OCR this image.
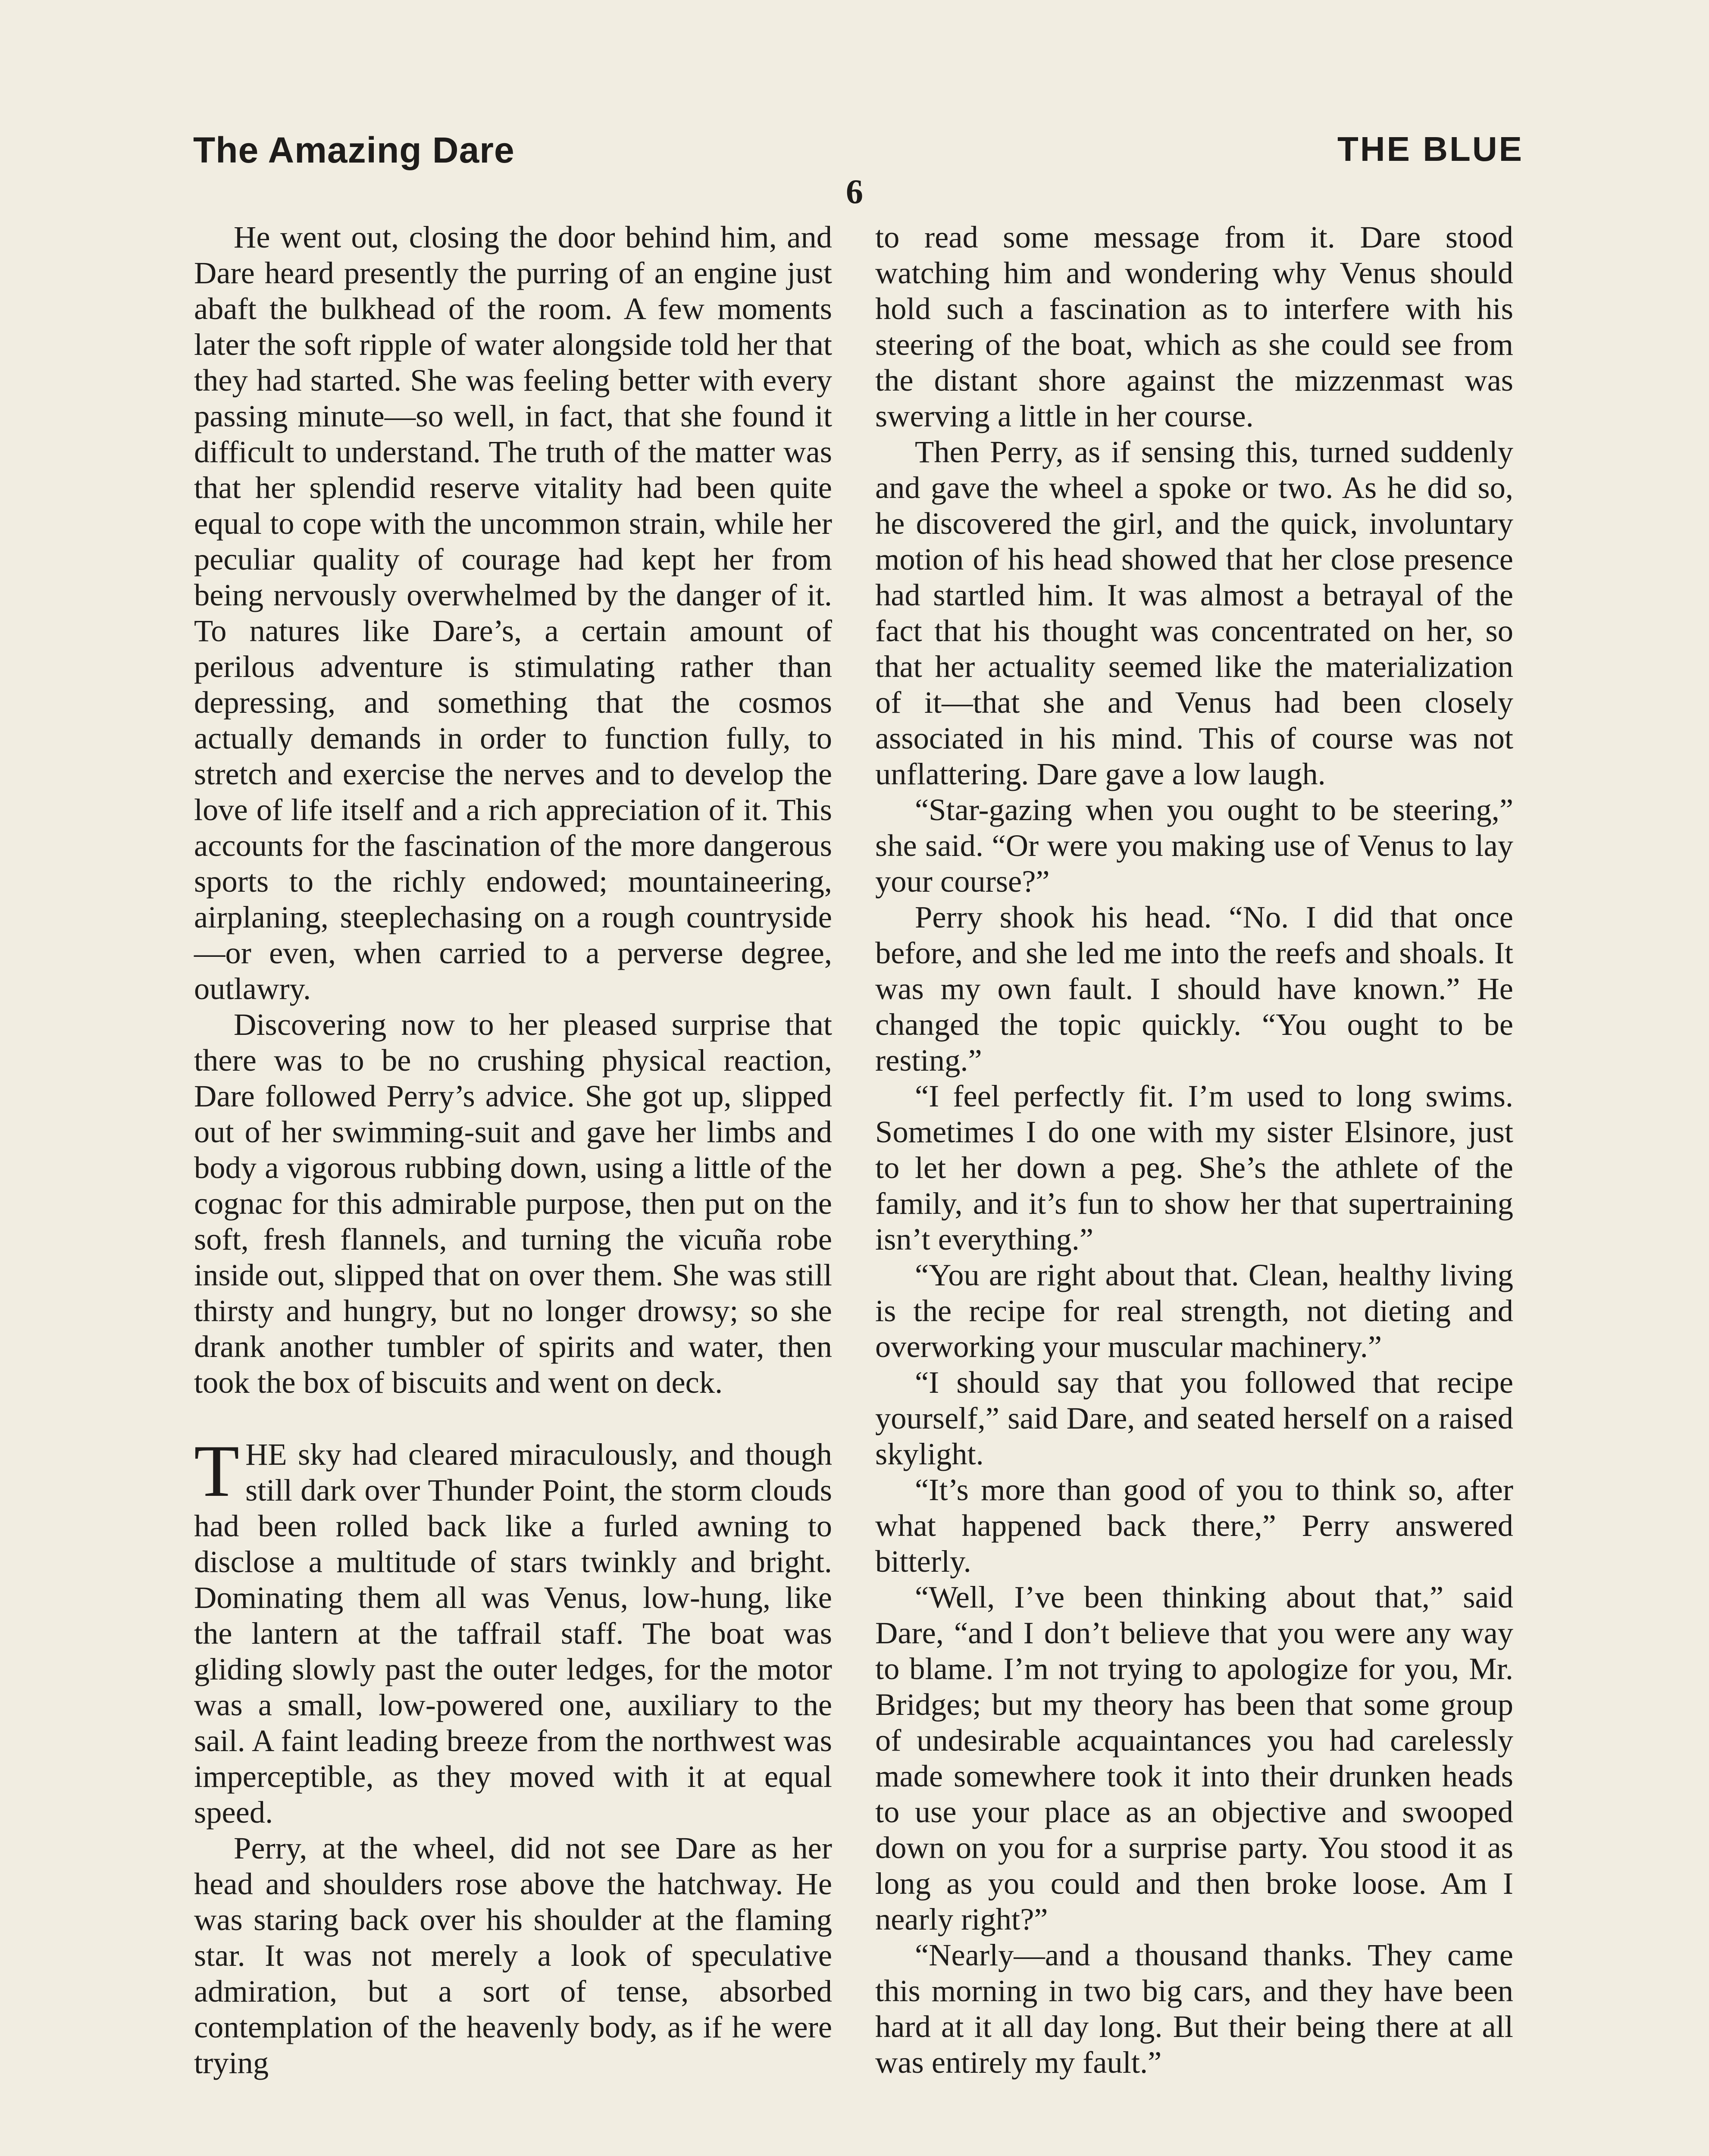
The Amazing Dare	THE BLUE
6

He went out, closing the door behind him, and Dare heard presently the purring of an engine just abaft the bulkhead of the room. A few moments later the soft ripple of water alongside told her that they had started. She was feeling better with every passing minute—so well, in fact, that she found it difficult to understand. The truth of the matter was that her splendid reserve vitality had been quite equal to cope with the uncommon strain, while her peculiar quality of courage had kept her from being nervously overwhelmed by the danger of it. To natures like Dare’s, a certain amount of perilous adventure is stimulating rather than depressing, and something that the cosmos actually demands in order to function fully, to stretch and exercise the nerves and to develop the love of life itself and a rich appreciation of it. This accounts for the fascination of the more dangerous sports to the richly endowed; mountaineering, airplaning, steeplechasing on a rough countryside—or even, when carried to a perverse degree, outlawry.

Discovering now to her pleased surprise that there was to be no crushing physical reaction, Dare followed Perry’s advice. She got up, slipped out of her swimming-suit and gave her limbs and body a vigorous rubbing down, using a little of the cognac for this admirable purpose, then put on the soft, fresh flannels, and turning the vicuña robe inside out, slipped that on over them. She was still thirsty and hungry, but no longer drowsy; so she drank another tumbler of spirits and water, then took the box of biscuits and went on deck.

THE sky had cleared miraculously, and though still dark over Thunder Point, the storm clouds had been rolled back like a furled awning to disclose a multitude of stars twinkly and bright. Dominating them all was Venus, low-hung, like the lantern at the taffrail staff. The boat was gliding slowly past the outer ledges, for the motor was a small, low-powered one, auxiliary to the sail. A faint leading breeze from the northwest was imperceptible, as they moved with it at equal speed.

Perry, at the wheel, did not see Dare as her head and shoulders rose above the hatchway. He was staring back over his shoulder at the flaming star. It was not merely a look of speculative admiration, but a sort of tense, absorbed contemplation of the heavenly body, as if he were trying

to read some message from it. Dare stood watching him and wondering why Venus should hold such a fascination as to interfere with his steering of the boat, which as she could see from the distant shore against the mizzenmast was swerving a little in her course.

Then Perry, as if sensing this, turned suddenly and gave the wheel a spoke or two. As he did so, he discovered the girl, and the quick, involuntary motion of his head showed that her close presence had startled him. It was almost a betrayal of the fact that his thought was concentrated on her, so that her actuality seemed like the materialization of it—that she and Venus had been closely associated in his mind. This of course was not unflattering. Dare gave a low laugh.

“Star-gazing when you ought to be steering,” she said. “Or were you making use of Venus to lay your course?”

Perry shook his head. “No. I did that once before, and she led me into the reefs and shoals. It was my own fault. I should have known.” He changed the topic quickly. “You ought to be resting.”

“I feel perfectly fit. I’m used to long swims. Sometimes I do one with my sister Elsinore, just to let her down a peg. She’s the athlete of the family, and it’s fun to show her that supertraining isn’t everything.”

“You are right about that. Clean, healthy living is the recipe for real strength, not dieting and overworking your muscular machinery.”

“I should say that you followed that recipe yourself,” said Dare, and seated herself on a raised skylight.

“It’s more than good of you to think so, after what happened back there,” Perry answered bitterly.

“Well, I’ve been thinking about that,” said Dare, “and I don’t believe that you were any way to blame. I’m not trying to apologize for you, Mr. Bridges; but my theory has been that some group of undesirable acquaintances you had carelessly made somewhere took it into their drunken heads to use your place as an objective and swooped down on you for a surprise party. You stood it as long as you could and then broke loose. Am I nearly right?”

“Nearly—and a thousand thanks. They came this morning in two big cars, and they have been hard at it all day long. But their being there at all was entirely my fault.”
